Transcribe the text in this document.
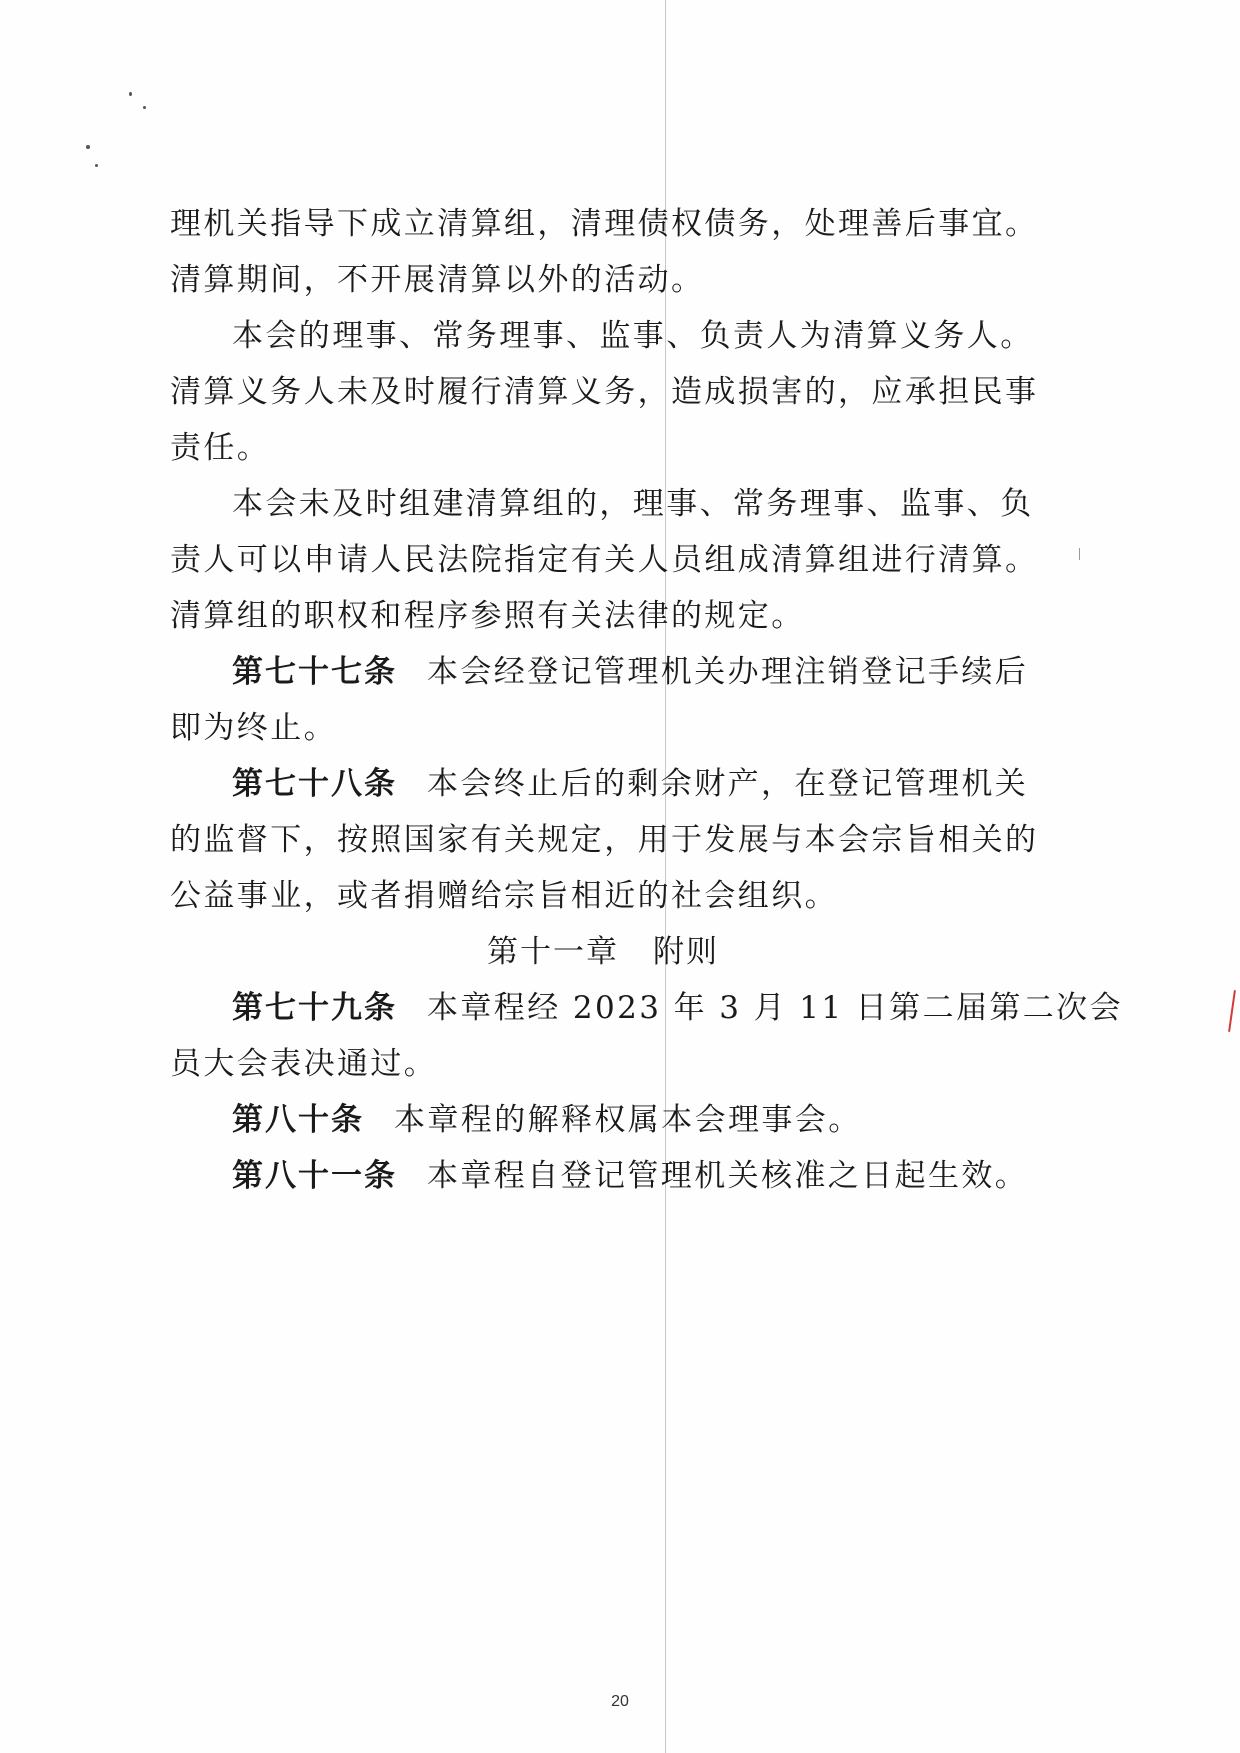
理机关指导下成立清算组，清理债权债务，处理善后事宜。
清算期间，不开展清算以外的活动。
本会的理事、常务理事、监事、负责人为清算义务人。
清算义务人未及时履行清算义务，造成损害的，应承担民事
责任。
本会未及时组建清算组的，理事、常务理事、监事、负
责人可以申请人民法院指定有关人员组成清算组进行清算。
清算组的职权和程序参照有关法律的规定。
第七十七条 本会经登记管理机关办理注销登记手续后
即为终止。
第七十八条 本会终止后的剩余财产，在登记管理机关
的监督下，按照国家有关规定，用于发展与本会宗旨相关的
公益事业，或者捐赠给宗旨相近的社会组织。
第十一章 附则
第七十九条 本章程经 2023 年 3 月 11 日第二届第二次会
员大会表决通过。
第八十条 本章程的解释权属本会理事会。
第八十一条 本章程自登记管理机关核准之日起生效。
20
